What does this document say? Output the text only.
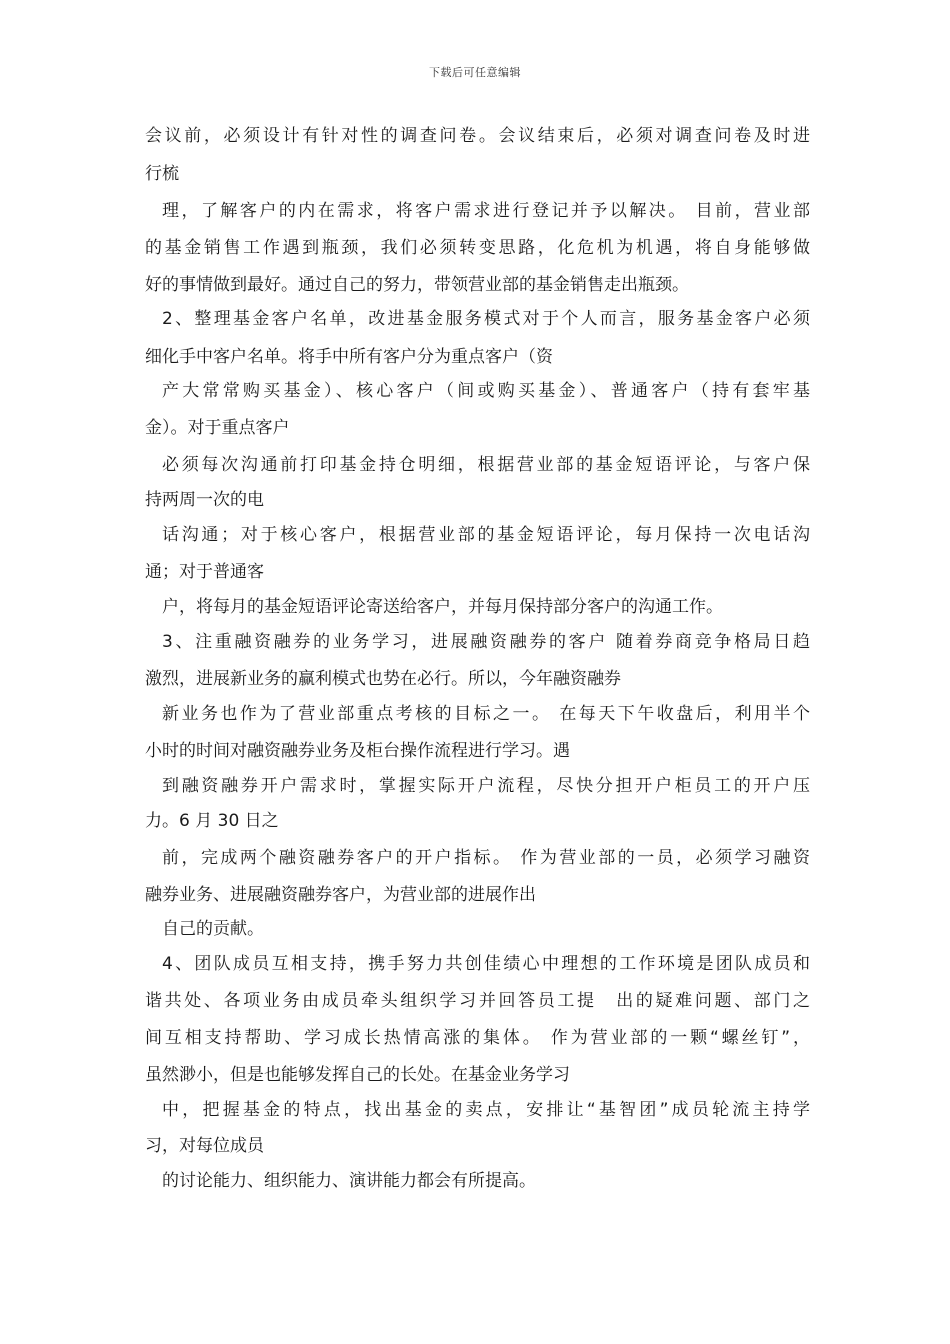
下载后可任意编辑
会议前，必须设计有针对性的调查问卷。会议结束后，必须对调查问卷及时进
行梳
理，了解客户的内在需求，将客户需求进行登记并予以解决。 目前，营业部
的基金销售工作遇到瓶颈，我们必须转变思路，化危机为机遇，将自身能够做
好的事情做到最好。通过自己的努力，带领营业部的基金销售走出瓶颈。
2、整理基金客户名单，改进基金服务模式对于个人而言，服务基金客户必须
细化手中客户名单。将手中所有客户分为重点客户（资
产大常常购买基金）、核心客户（间或购买基金）、普通客户（持有套牢基
金）。对于重点客户
必须每次沟通前打印基金持仓明细，根据营业部的基金短语评论，与客户保
持两周一次的电
话沟通；对于核心客户，根据营业部的基金短语评论，每月保持一次电话沟
通；对于普通客
户，将每月的基金短语评论寄送给客户，并每月保持部分客户的沟通工作。
3、注重融资融券的业务学习，进展融资融券的客户 随着券商竞争格局日趋
激烈，进展新业务的赢利模式也势在必行。所以，今年融资融券
新业务也作为了营业部重点考核的目标之一。 在每天下午收盘后，利用半个
小时的时间对融资融券业务及柜台操作流程进行学习。遇
到融资融券开户需求时，掌握实际开户流程，尽快分担开户柜员工的开户压
力。6 月 30 日之
前，完成两个融资融券客户的开户指标。 作为营业部的一员，必须学习融资
融券业务、进展融资融券客户，为营业部的进展作出
自己的贡献。
4、团队成员互相支持，携手努力共创佳绩心中理想的工作环境是团队成员和
谐共处、各项业务由成员牵头组织学习并回答员工提　出的疑难问题、部门之
间互相支持帮助、学习成长热情高涨的集体。 作为营业部的一颗“螺丝钉”，
虽然渺小，但是也能够发挥自己的长处。在基金业务学习
中，把握基金的特点，找出基金的卖点，安排让“基智团”成员轮流主持学
习，对每位成员
的讨论能力、组织能力、演讲能力都会有所提高。
